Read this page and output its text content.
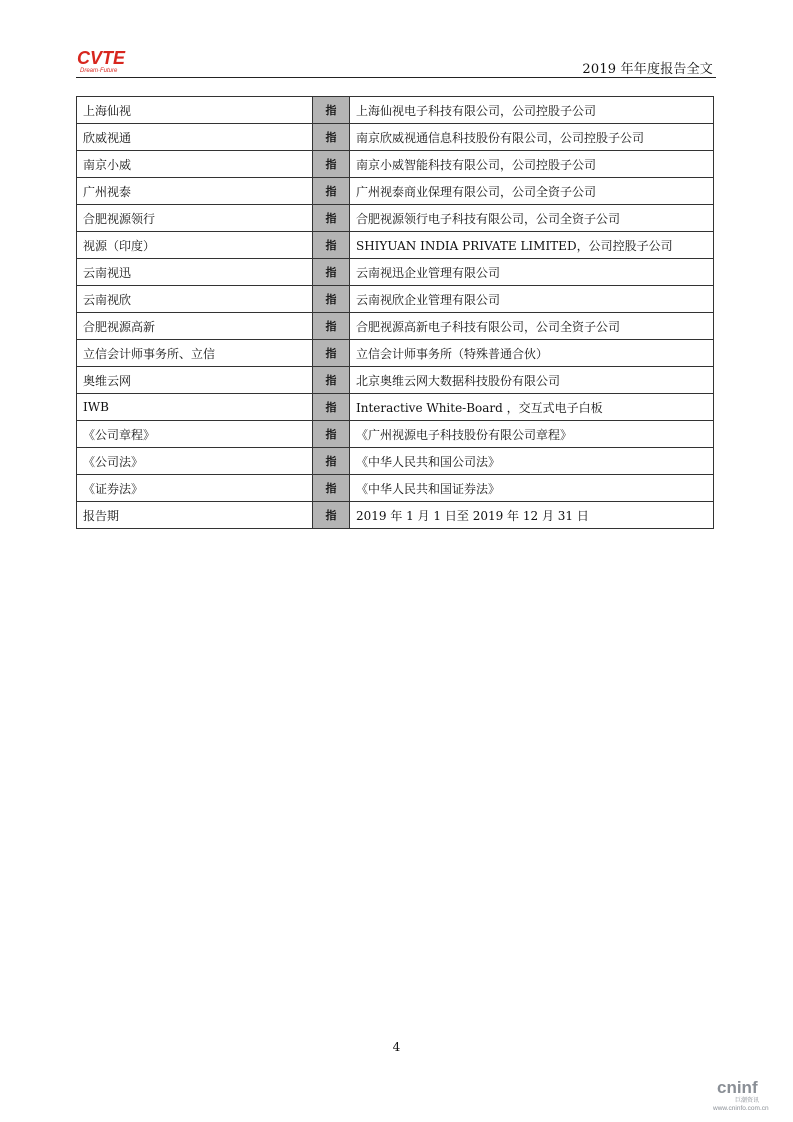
CVTE
Dream·Future	2019 年年度报告全文
上海仙视	指	上海仙视电子科技有限公司，公司控股子公司
欣威视通	指	南京欣威视通信息科技股份有限公司，公司控股子公司
南京小威	指	南京小威智能科技有限公司，公司控股子公司
广州视泰	指	广州视泰商业保理有限公司，公司全资子公司
合肥视源领行	指	合肥视源领行电子科技有限公司，公司全资子公司
视源（印度）	指	SHIYUAN INDIA PRIVATE LIMITED，公司控股子公司
云南视迅	指	云南视迅企业管理有限公司
云南视欣	指	云南视欣企业管理有限公司
合肥视源高新	指	合肥视源高新电子科技有限公司，公司全资子公司
立信会计师事务所、立信	指	立信会计师事务所（特殊普通合伙）
奥维云网	指	北京奥维云网大数据科技股份有限公司
IWB	指	Interactive White-Board ，交互式电子白板
《公司章程》	指	《广州视源电子科技股份有限公司章程》
《公司法》	指	《中华人民共和国公司法》
《证券法》	指	《中华人民共和国证券法》
报告期	指	2019 年 1 月 1 日至 2019 年 12 月 31 日
4
cninf
巨潮资讯
www.cninfo.com.cn
